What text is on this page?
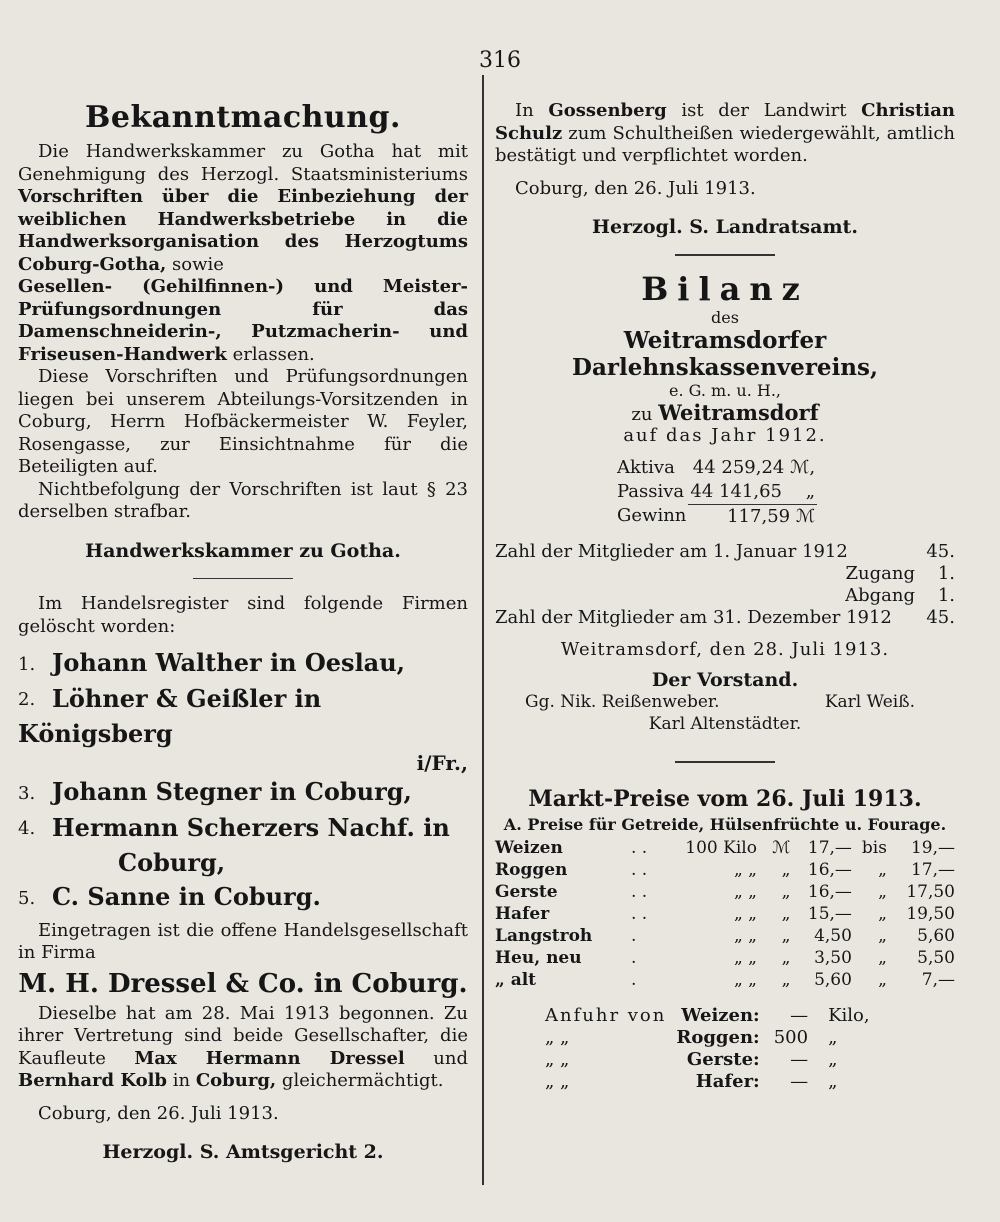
316
Bekanntmachung.

Die Handwerkskammer zu Gotha hat mit Genehmigung des Herzogl. Staatsministeriums Vorschriften über die Einbeziehung der weiblichen Handwerksbetriebe in die Handwerksorganisation des Herzogtums Coburg-Gotha, sowie

Gesellen- (Gehilfinnen-) und Meister-Prüfungsordnungen für das Damenschneiderin-, Putzmacherin- und Friseusen-Handwerk erlassen.

Diese Vorschriften und Prüfungsordnungen liegen bei unserem Abteilungs-Vorsitzenden in Coburg, Herrn Hofbäckermeister W. Feyler, Rosengasse, zur Einsichtnahme für die Beteiligten auf.

Nichtbefolgung der Vorschriften ist laut § 23 derselben strafbar.

Handwerkskammer zu Gotha.

Im Handelsregister sind folgende Firmen gelöscht worden:

1. Johann Walther in Oeslau,
2. Löhner & Geißler in Königsberg
i/Fr.,
3. Johann Stegner in Coburg,
4. Hermann Scherzers Nachf. in
Coburg,
5. C. Sanne in Coburg.

Eingetragen ist die offene Handelsgesellschaft in Firma

M. H. Dressel & Co. in Coburg.

Dieselbe hat am 28. Mai 1913 begonnen. Zu ihrer Vertretung sind beide Gesellschafter, die Kaufleute Max Hermann Dressel und Bernhard Kolb in Coburg, gleichermächtigt.

Coburg, den 26. Juli 1913.

Herzogl. S. Amtsgericht 2.

In Gossenberg ist der Landwirt Christian Schulz zum Schultheißen wiedergewählt, amtlich bestätigt und verpflichtet worden.

Coburg, den 26. Juli 1913.

Herzogl. S. Landratsamt.
Bilanz
des
Weitramsdorfer Darlehnskassenvereins,
e. G. m. u. H.,
zu Weitramsdorf
auf das Jahr 1912.
Aktiva	44 259,24 ℳ,
Passiva	44 141,65 „
Gewinn	117,59 ℳ
Zahl der Mitglieder am 1. Januar 1912	45.
Zugang	1.
Abgang	1.
Zahl der Mitglieder am 31. Dezember 1912	45.

Weitramsdorf, den 28. Juli 1913.

Der Vorstand.
Gg. Nik. Reißenweber.	Karl Weiß.
Karl Altenstädter.
Markt-Preise vom 26. Juli 1913.
A. Preise für Getreide, Hülsenfrüchte u. Fourage.
Weizen	. .	100 Kilo	ℳ	17,—	bis	19,—
Roggen	. .	„ „	„	16,—	„	17,—
Gerste	. .	„ „	„	16,—	„	17,50
Hafer	. .	„ „	„	15,—	„	19,50
Langstroh	.	„ „	„	4,50	„	5,60
Heu, neu	.	„ „	„	3,50	„	5,50
„ alt	.	„ „	„	5,60	„	7,—
Anfuhr von	Weizen:	—	Kilo,
„ „	Roggen:	500	„
„ „	Gerste:	—	„
„ „	Hafer:	—	„
